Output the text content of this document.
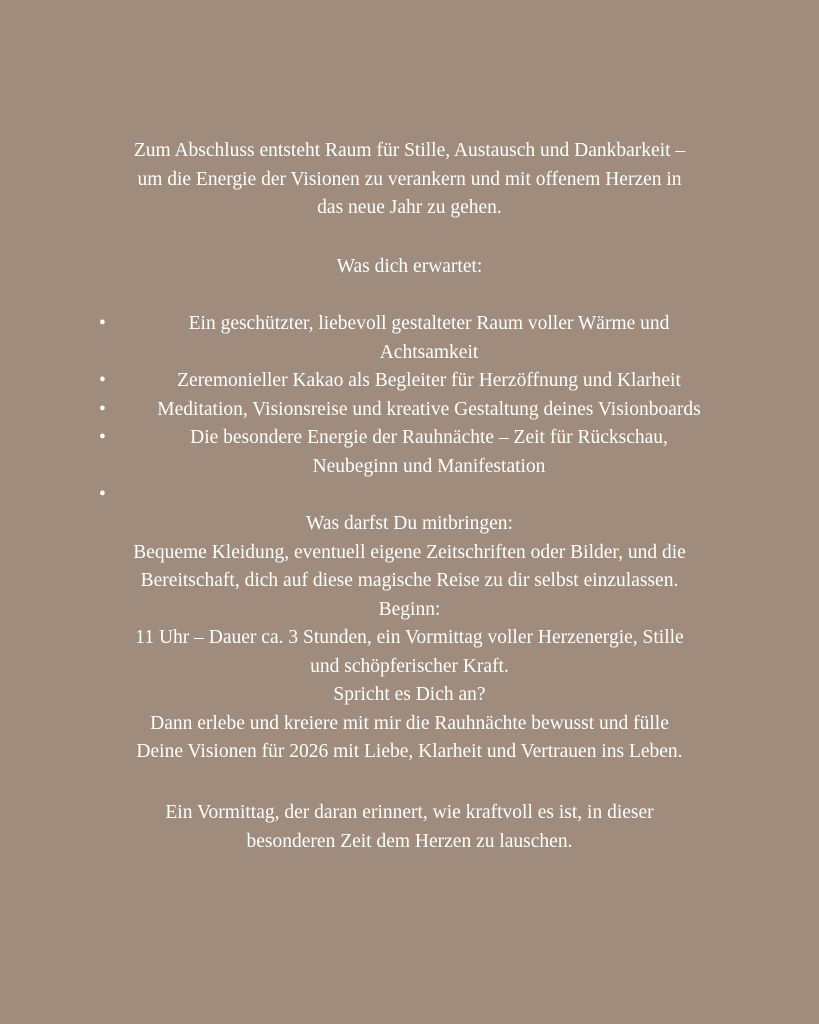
Zum Abschluss entsteht Raum für Stille, Austausch und Dankbarkeit –
um die Energie der Visionen zu verankern und mit offenem Herzen in
das neue Jahr zu gehen.
Was dich erwartet:
•	Ein geschützter, liebevoll gestalteter Raum voller Wärme und
Achtsamkeit
•	Zeremonieller Kakao als Begleiter für Herzöffnung und Klarheit
•	Meditation, Visionsreise und kreative Gestaltung deines Visionboards
•	Die besondere Energie der Rauhnächte – Zeit für Rückschau,
Neubeginn und Manifestation
•
Was darfst Du mitbringen:
Bequeme Kleidung, eventuell eigene Zeitschriften oder Bilder, und die
Bereitschaft, dich auf diese magische Reise zu dir selbst einzulassen.
Beginn:
11 Uhr – Dauer ca. 3 Stunden, ein Vormittag voller Herzenergie, Stille
und schöpferischer Kraft.
Spricht es Dich an?
Dann erlebe und kreiere mit mir die Rauhnächte bewusst und fülle
Deine Visionen für 2026 mit Liebe, Klarheit und Vertrauen ins Leben.
Ein Vormittag, der daran erinnert, wie kraftvoll es ist, in dieser
besonderen Zeit dem Herzen zu lauschen.
